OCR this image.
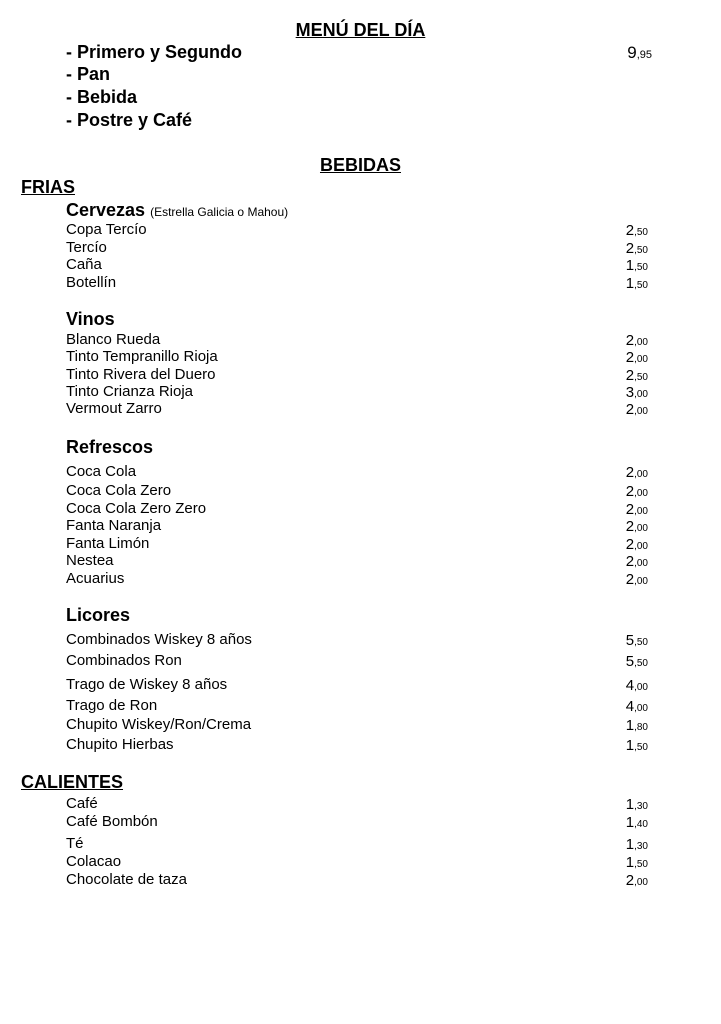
MENÚ DEL DÍA
- Primero y Segundo
- Pan
- Bebida
- Postre y Café
9,95
BEBIDAS
FRIAS
Cervezas (Estrella Galicia o Mahou)
Copa Tercío	2,50
Tercío	2,50
Caña	1,50
Botellín	1,50
Vinos
Blanco Rueda	2,00
Tinto Tempranillo Rioja	2,00
Tinto Rivera del Duero	2,50
Tinto Crianza Rioja	3,00
Vermout Zarro	2,00
Refrescos
Coca Cola	2,00
Coca Cola Zero	2,00
Coca Cola Zero Zero	2,00
Fanta Naranja	2,00
Fanta Limón	2,00
Nestea	2,00
Acuarius	2,00
Licores
Combinados Wiskey 8 años	5,50
Combinados Ron	5,50
Trago de Wiskey 8 años	4,00
Trago de Ron	4,00
Chupito Wiskey/Ron/Crema	1,80
Chupito Hierbas	1,50
CALIENTES
Café	1,30
Café Bombón	1,40
Té	1,30
Colacao	1,50
Chocolate de taza	2,00
